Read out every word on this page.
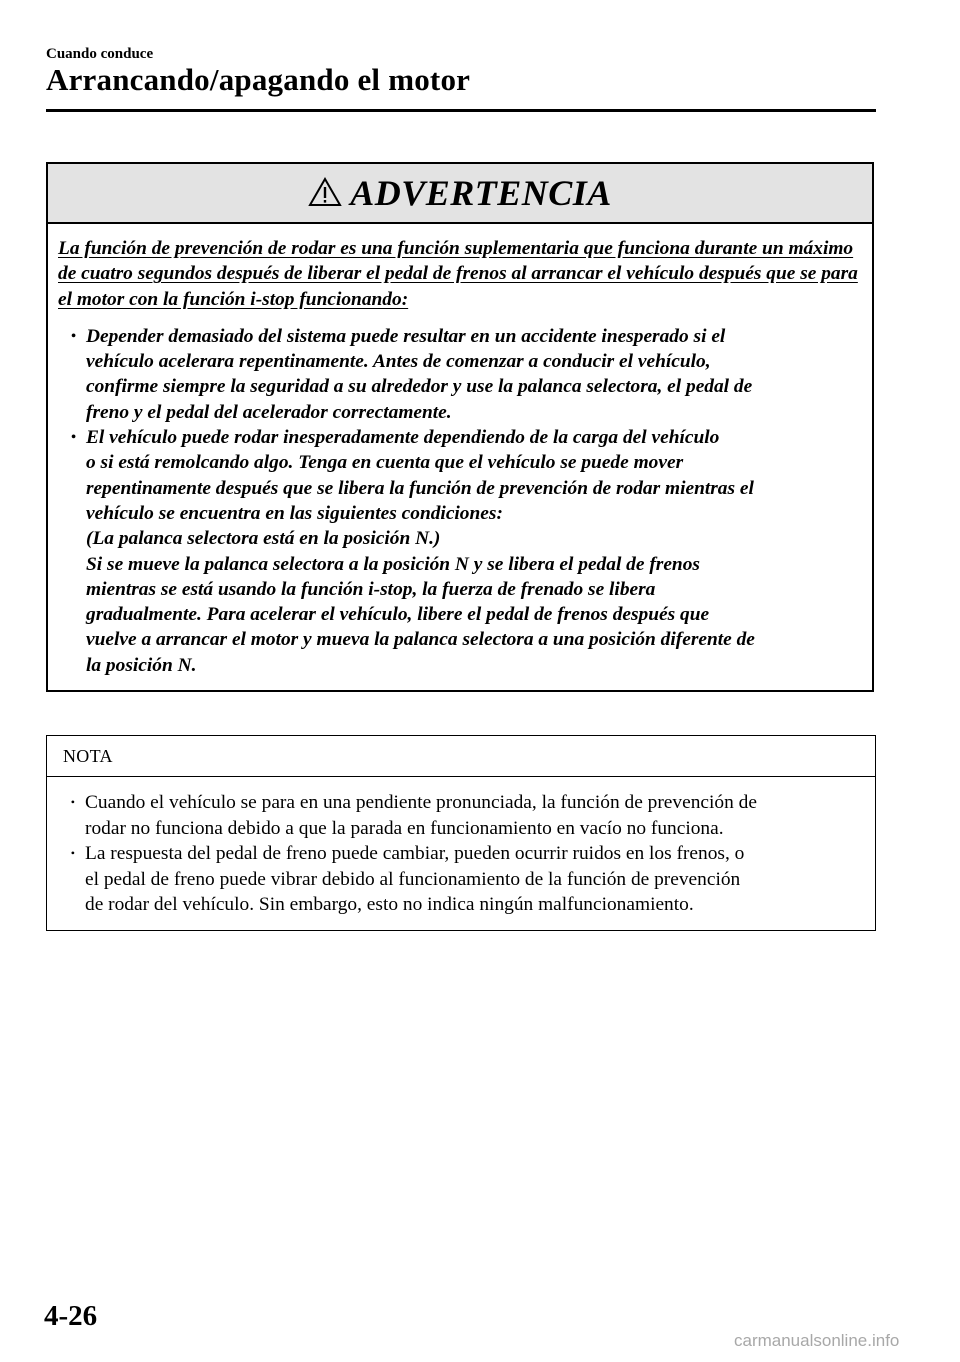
Cuando conduce
Arrancando/apagando el motor
ADVERTENCIA
La función de prevención de rodar es una función suplementaria que funciona durante un máximo de cuatro segundos después de liberar el pedal de frenos al arrancar el vehículo después que se para el motor con la función i-stop funcionando:
• Depender demasiado del sistema puede resultar en un accidente inesperado si el
vehículo acelerara repentinamente. Antes de comenzar a conducir el vehículo,
confirme siempre la seguridad a su alrededor y use la palanca selectora, el pedal de
freno y el pedal del acelerador correctamente.
• El vehículo puede rodar inesperadamente dependiendo de la carga del vehículo
o si está remolcando algo. Tenga en cuenta que el vehículo se puede mover
repentinamente después que se libera la función de prevención de rodar mientras el
vehículo se encuentra en las siguientes condiciones:
(La palanca selectora está en la posición N.)
Si se mueve la palanca selectora a la posición N y se libera el pedal de frenos
mientras se está usando la función i-stop, la fuerza de frenado se libera
gradualmente. Para acelerar el vehículo, libere el pedal de frenos después que
vuelve a arrancar el motor y mueva la palanca selectora a una posición diferente de
la posición N.
NOTA
• Cuando el vehículo se para en una pendiente pronunciada, la función de prevención de
rodar no funciona debido a que la parada en funcionamiento en vacío no funciona.
• La respuesta del pedal de freno puede cambiar, pueden ocurrir ruidos en los frenos, o
el pedal de freno puede vibrar debido al funcionamiento de la función de prevención
de rodar del vehículo. Sin embargo, esto no indica ningún malfuncionamiento.
4-26
carmanualsonline.info
